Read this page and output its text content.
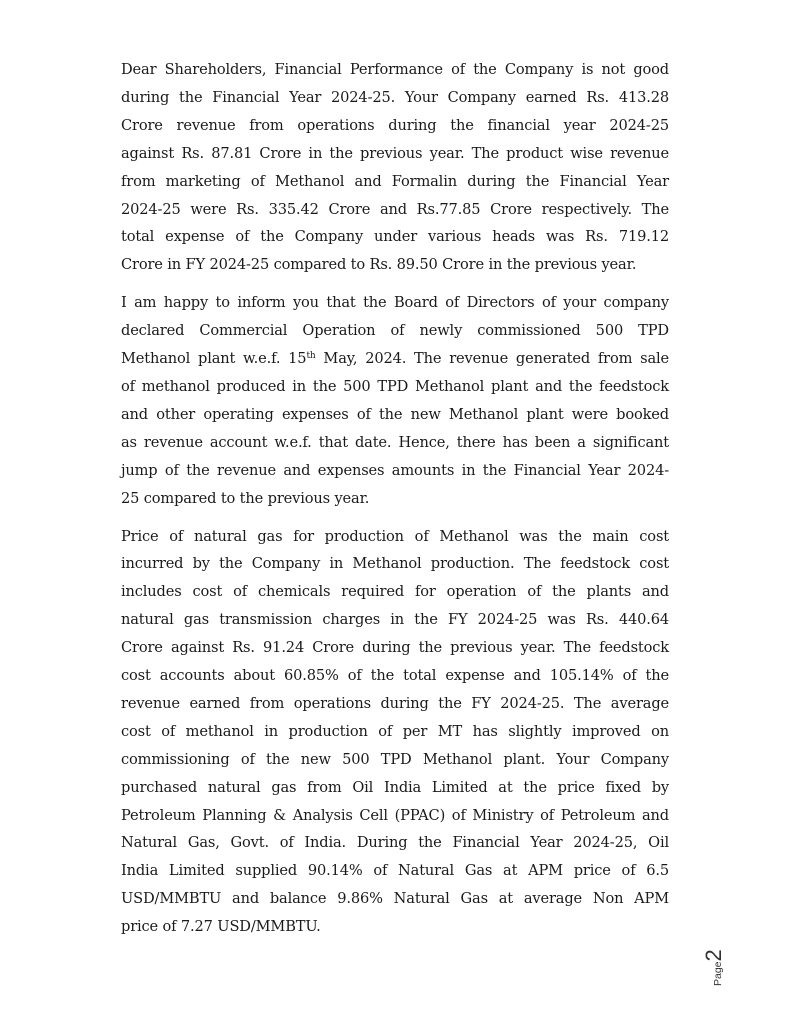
Dear Shareholders, Financial Performance of the Company is not good
during the Financial Year 2024-25. Your Company earned Rs. 413.28
Crore revenue from operations during the financial year 2024-25
against Rs. 87.81 Crore in the previous year. The product wise revenue
from marketing of Methanol and Formalin during the Financial Year
2024-25 were Rs. 335.42 Crore and Rs.77.85 Crore respectively. The
total expense of the Company under various heads was Rs. 719.12
Crore in FY 2024-25 compared to Rs. 89.50 Crore in the previous year.
I am happy to inform you that the Board of Directors of your company
declared Commercial Operation of newly commissioned 500 TPD
Methanol plant w.e.f. 15th May, 2024. The revenue generated from sale
of methanol produced in the 500 TPD Methanol plant and the feedstock
and other operating expenses of the new Methanol plant were booked
as revenue account w.e.f. that date. Hence, there has been a significant
jump of the revenue and expenses amounts in the Financial Year 2024-
25 compared to the previous year.
Price of natural gas for production of Methanol was the main cost
incurred by the Company in Methanol production. The feedstock cost
includes cost of chemicals required for operation of the plants and
natural gas transmission charges in the FY 2024-25 was Rs. 440.64
Crore against Rs. 91.24 Crore during the previous year. The feedstock
cost accounts about 60.85% of the total expense and 105.14% of the
revenue earned from operations during the FY 2024-25. The average
cost of methanol in production of per MT has slightly improved on
commissioning of the new 500 TPD Methanol plant. Your Company
purchased natural gas from Oil India Limited at the price fixed by
Petroleum Planning & Analysis Cell (PPAC) of Ministry of Petroleum and
Natural Gas, Govt. of India. During the Financial Year 2024-25, Oil
India Limited supplied 90.14% of Natural Gas at APM price of 6.5
USD/MMBTU and balance 9.86% Natural Gas at average Non APM
price of 7.27 USD/MMBTU.
Page2
